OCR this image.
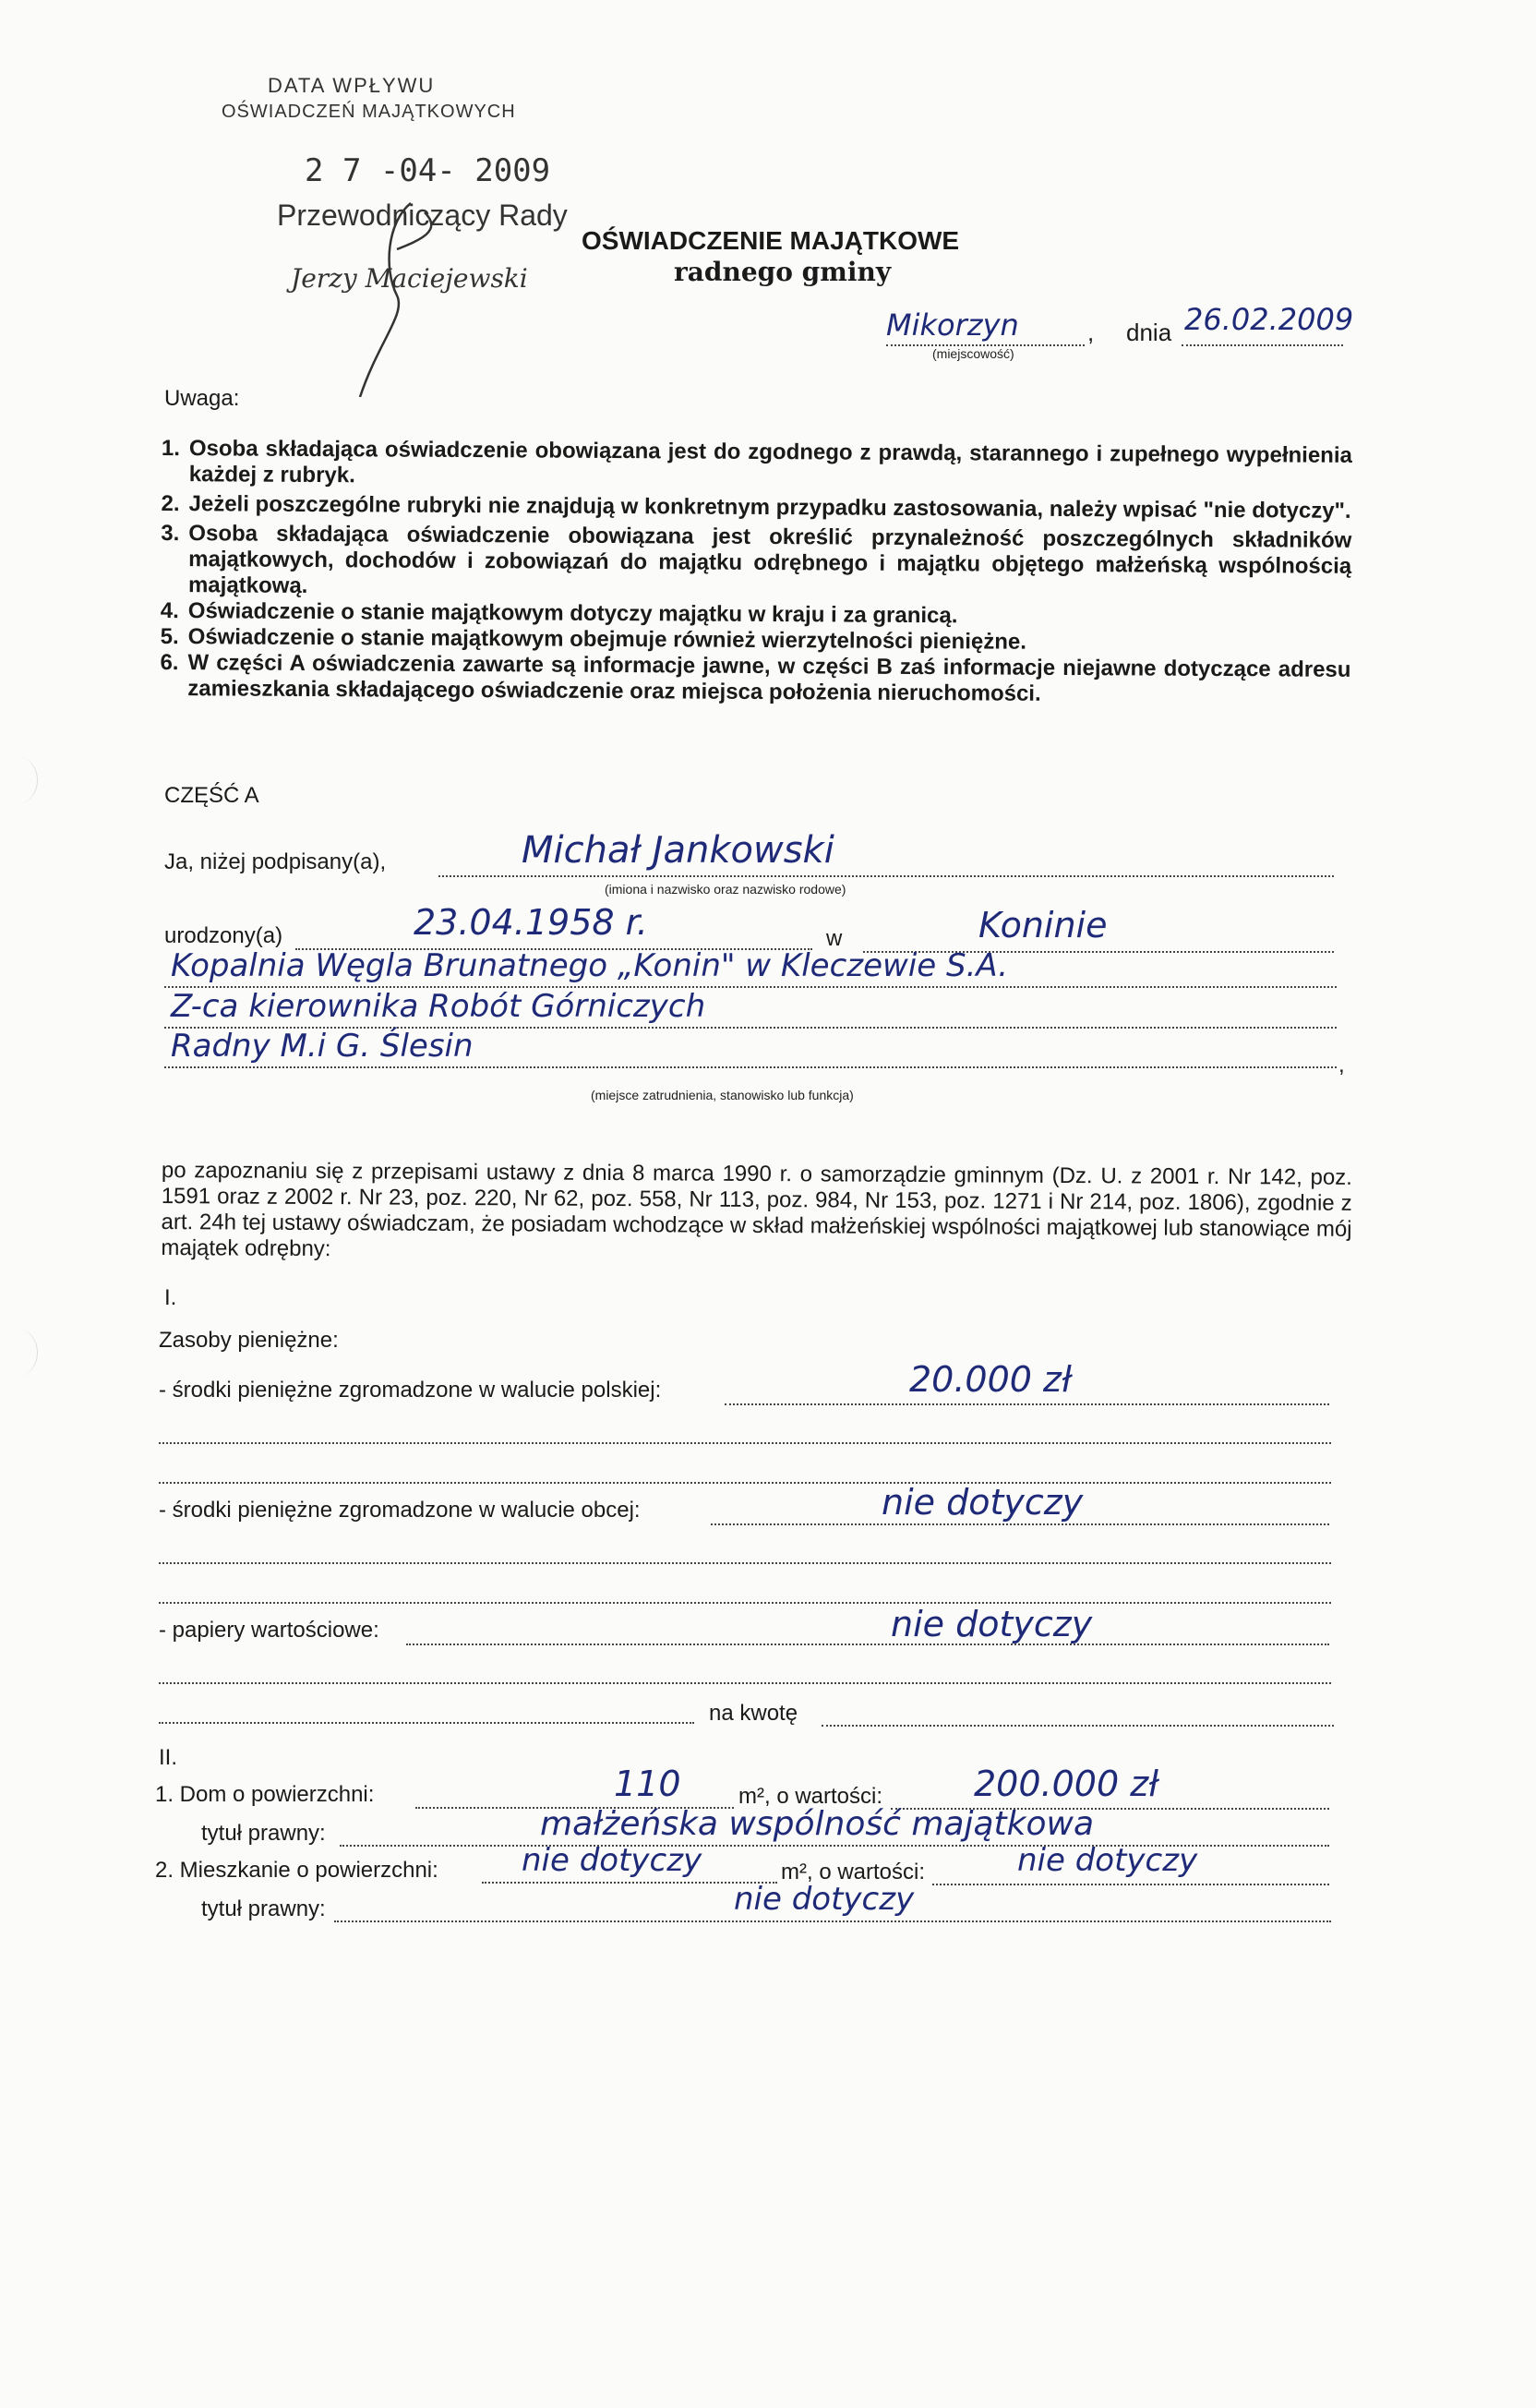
DATA WPŁYWU
OŚWIADCZEŃ MAJĄTKOWYCH
2 7 -04- 2009
Przewodniczący Rady
Jerzy Maciejewski
OŚWIADCZENIE MAJĄTKOWE
radnego gminy
Mikorzyn
(miejscowość)
, dnia 26.02.2009
Uwaga:
1. Osoba składająca oświadczenie obowiązana jest do zgodnego z prawdą, starannego i zupełnego wypełnienia każdej z rubryk.
2. Jeżeli poszczególne rubryki nie znajdują w konkretnym przypadku zastosowania, należy wpisać "nie dotyczy".
3. Osoba składająca oświadczenie obowiązana jest określić przynależność poszczególnych składników majątkowych, dochodów i zobowiązań do majątku odrębnego i majątku objętego małżeńską wspólnością majątkową.
4. Oświadczenie o stanie majątkowym dotyczy majątku w kraju i za granicą.
5. Oświadczenie o stanie majątkowym obejmuje również wierzytelności pieniężne.
6. W części A oświadczenia zawarte są informacje jawne, w części B zaś informacje niejawne dotyczące adresu zamieszkania składającego oświadczenie oraz miejsca położenia nieruchomości.
CZĘŚĆ A
Ja, niżej podpisany(a),	Michał Jankowski
(imiona i nazwisko oraz nazwisko rodowe)
urodzony(a)	23.04.1958 r.	w	Koninie
Kopalnia Węgla Brunatnego „Konin" w Kleczewie S.A.
Z-ca kierownika Robót Górniczych
Radny M.i G. Ślesin
,
(miejsce zatrudnienia, stanowisko lub funkcja)
po zapoznaniu się z przepisami ustawy z dnia 8 marca 1990 r. o samorządzie gminnym (Dz. U. z 2001 r. Nr 142, poz. 1591 oraz z 2002 r. Nr 23, poz. 220, Nr 62, poz. 558, Nr 113, poz. 984, Nr 153, poz. 1271 i Nr 214, poz. 1806), zgodnie z art. 24h tej ustawy oświadczam, że posiadam wchodzące w skład małżeńskiej wspólności majątkowej lub stanowiące mój majątek odrębny:
I.
Zasoby pieniężne:
- środki pieniężne zgromadzone w walucie polskiej:	20.000 zł
- środki pieniężne zgromadzone w walucie obcej:	nie dotyczy
- papiery wartościowe:	nie dotyczy
na kwotę
II.
1. Dom o powierzchni:	110	m², o wartości:	200.000 zł
tytuł prawny:	małżeńska wspólność majątkowa
2. Mieszkanie o powierzchni:	nie dotyczy	m², o wartości:	nie dotyczy
tytuł prawny:	nie dotyczy
